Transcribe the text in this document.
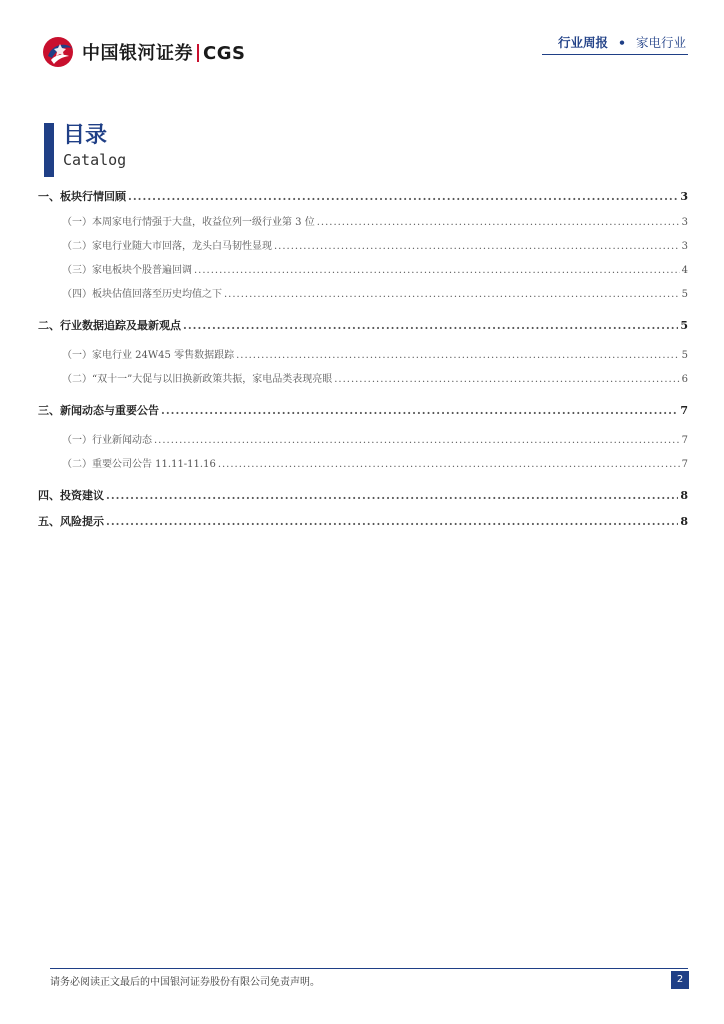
中国银河证券 CGS
行业周报 • 家电行业
目录
Catalog
一、 板块行情回顾 .....	3
（一） 本周家电行情强于大盘，收益位列一级行业第 3 位 .....	3
（二） 家电行业随大市回落，龙头白马韧性显现 .....	3
（三） 家电板块个股普遍回调 .....	4
（四） 板块估值回落至历史均值之下 .....	5
二、 行业数据追踪及最新观点 .....	5
（一） 家电行业 24W45 零售数据跟踪 .....	5
（二） “双十一”大促与以旧换新政策共振，家电品类表现亮眼 .....	6
三、 新闻动态与重要公告 .....	7
（一） 行业新闻动态 .....	7
（二） 重要公司公告 11.11-11.16 .....	7
四、 投资建议 .....	8
五、 风险提示 .....	8
请务必阅读正文最后的中国银河证券股份有限公司免责声明。	2
